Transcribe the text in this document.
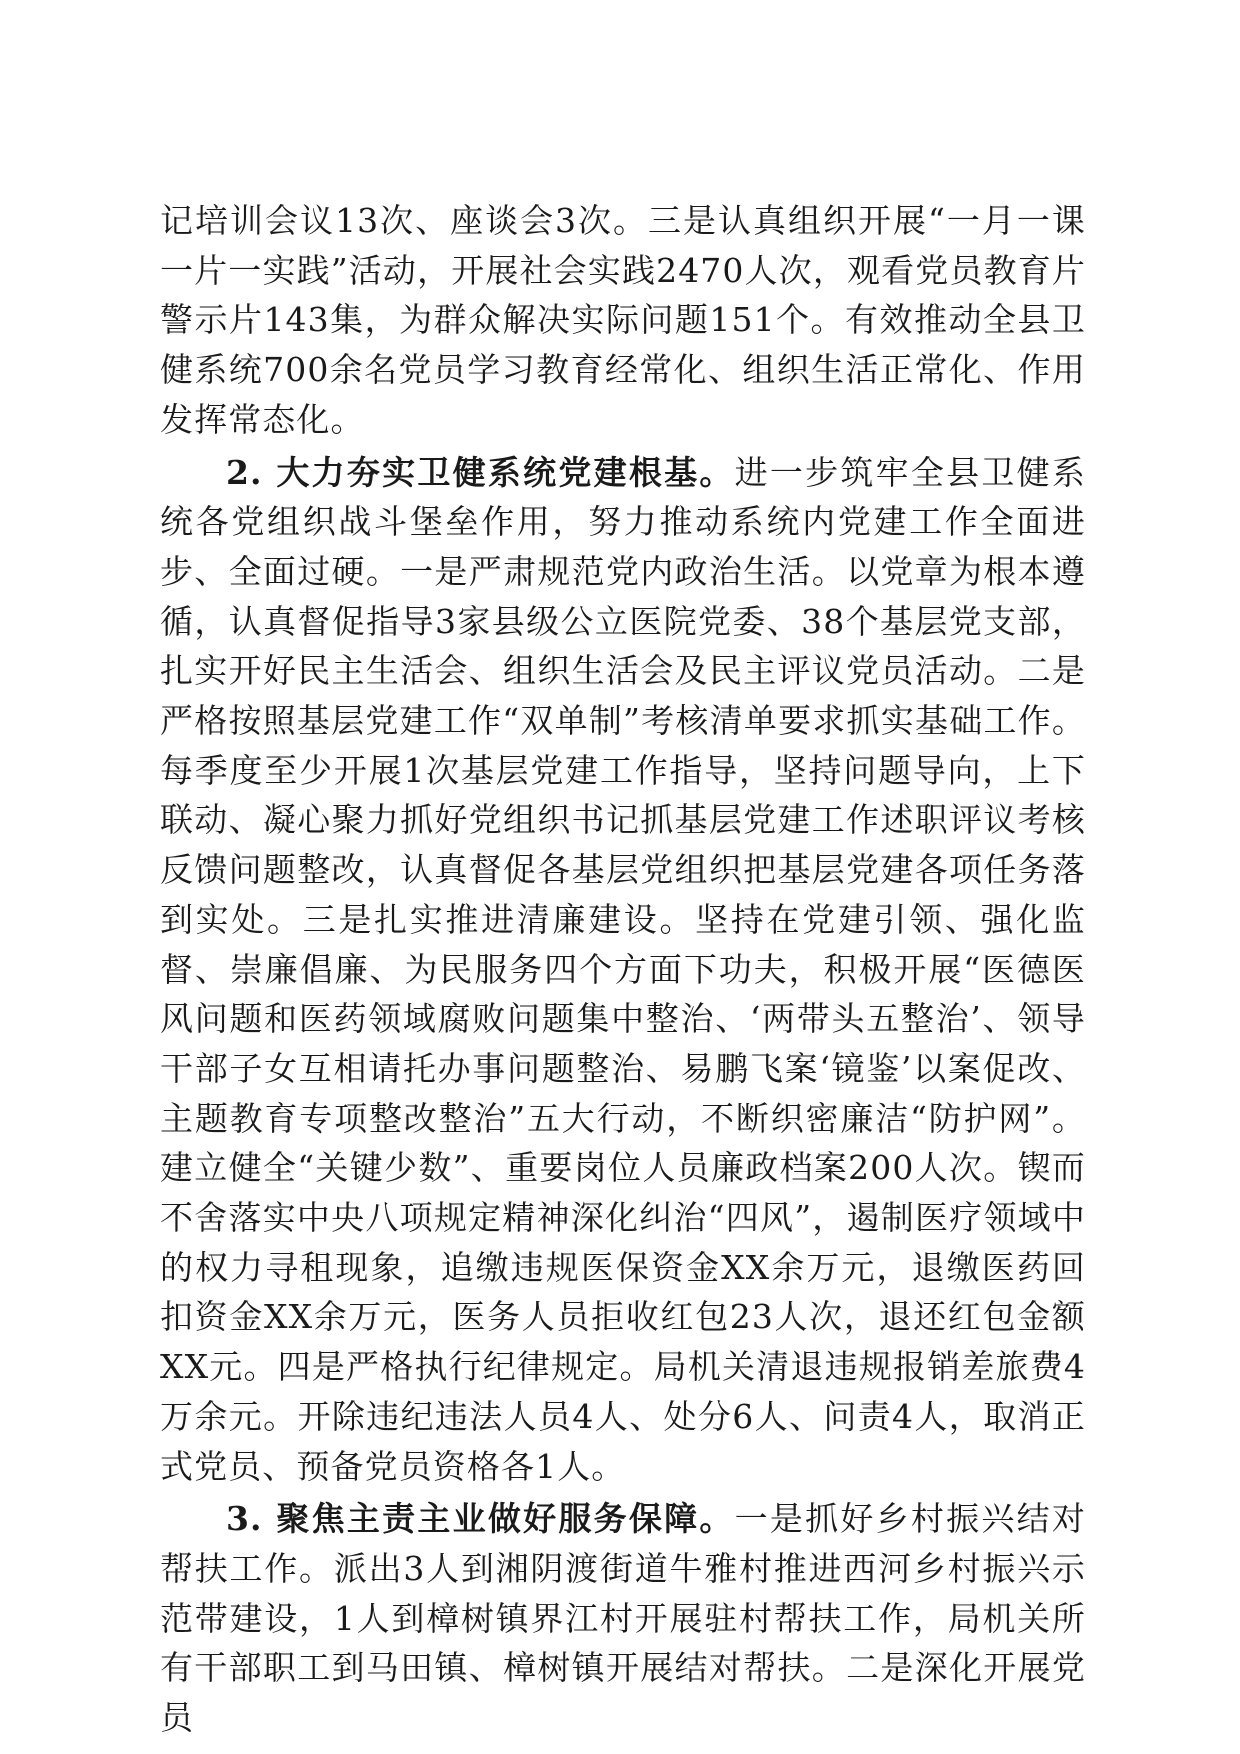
记培训会议13次、座谈会3次。三是认真组织开展“一月一课一片一实践”活动，开展社会实践2470人次，观看党员教育片警示片143集，为群众解决实际问题151个。有效推动全县卫健系统700余名党员学习教育经常化、组织生活正常化、作用发挥常态化。

2. 大力夯实卫健系统党建根基。进一步筑牢全县卫健系统各党组织战斗堡垒作用，努力推动系统内党建工作全面进步、全面过硬。一是严肃规范党内政治生活。以党章为根本遵循，认真督促指导3家县级公立医院党委、38个基层党支部，扎实开好民主生活会、组织生活会及民主评议党员活动。二是严格按照基层党建工作“双单制”考核清单要求抓实基础工作。每季度至少开展1次基层党建工作指导，坚持问题导向，上下联动、凝心聚力抓好党组织书记抓基层党建工作述职评议考核反馈问题整改，认真督促各基层党组织把基层党建各项任务落到实处。三是扎实推进清廉建设。坚持在党建引领、强化监督、崇廉倡廉、为民服务四个方面下功夫，积极开展“医德医风问题和医药领域腐败问题集中整治、‘两带头五整治’、领导干部子女互相请托办事问题整治、易鹏飞案‘镜鉴’以案促改、主题教育专项整改整治”五大行动，不断织密廉洁“防护网”。建立健全“关键少数”、重要岗位人员廉政档案200人次。锲而不舍落实中央八项规定精神深化纠治“四风”，遏制医疗领域中的权力寻租现象，追缴违规医保资金XX余万元，退缴医药回扣资金XX余万元，医务人员拒收红包23人次，退还红包金额XX元。四是严格执行纪律规定。局机关清退违规报销差旅费4万余元。开除违纪违法人员4人、处分6人、问责4人，取消正式党员、预备党员资格各1人。

3. 聚焦主责主业做好服务保障。一是抓好乡村振兴结对帮扶工作。派出3人到湘阴渡街道牛雅村推进西河乡村振兴示范带建设，1人到樟树镇界江村开展驻村帮扶工作，局机关所有干部职工到马田镇、樟树镇开展结对帮扶。二是深化开展党员
